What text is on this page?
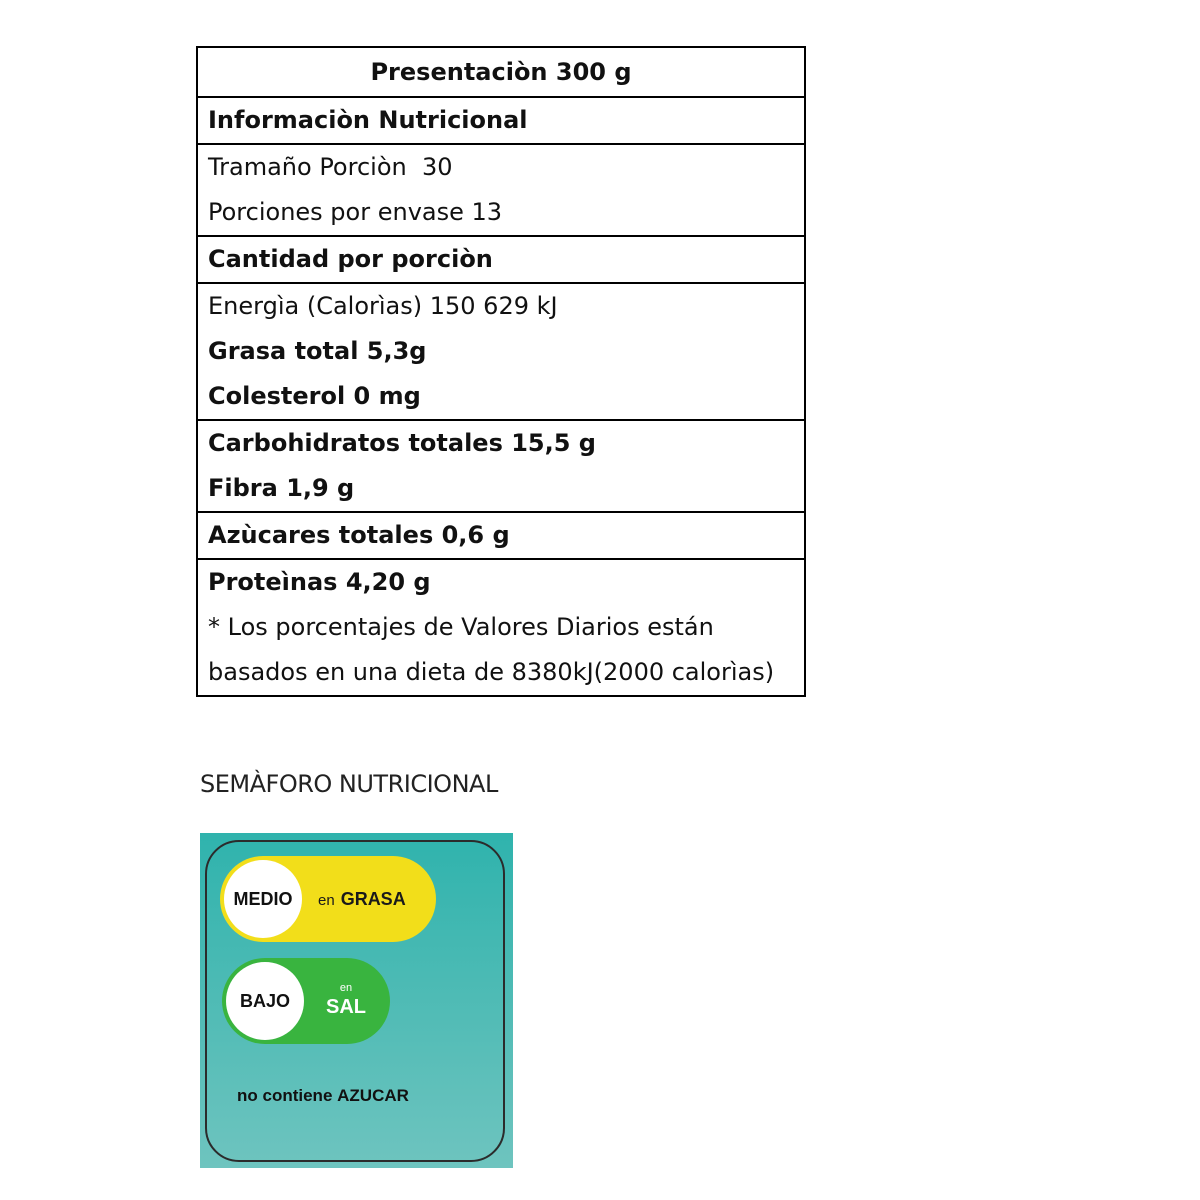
Presentaciòn 300 g
Informaciòn Nutricional
Tramaño Porciòn  30
Porciones por envase 13
Cantidad por porciòn
Energìa (Calorìas) 150 629 kJ
Grasa total 5,3g
Colesterol 0 mg
Carbohidratos totales 15,5 g
Fibra 1,9 g
Azùcares totales 0,6 g
Proteìnas 4,20 g
* Los porcentajes de Valores Diarios están
basados en una dieta de 8380kJ(2000 calorìas)
SEMÀFORO NUTRICIONAL
MEDIO	en GRASA
BAJO
en
SAL
no contiene AZUCAR
